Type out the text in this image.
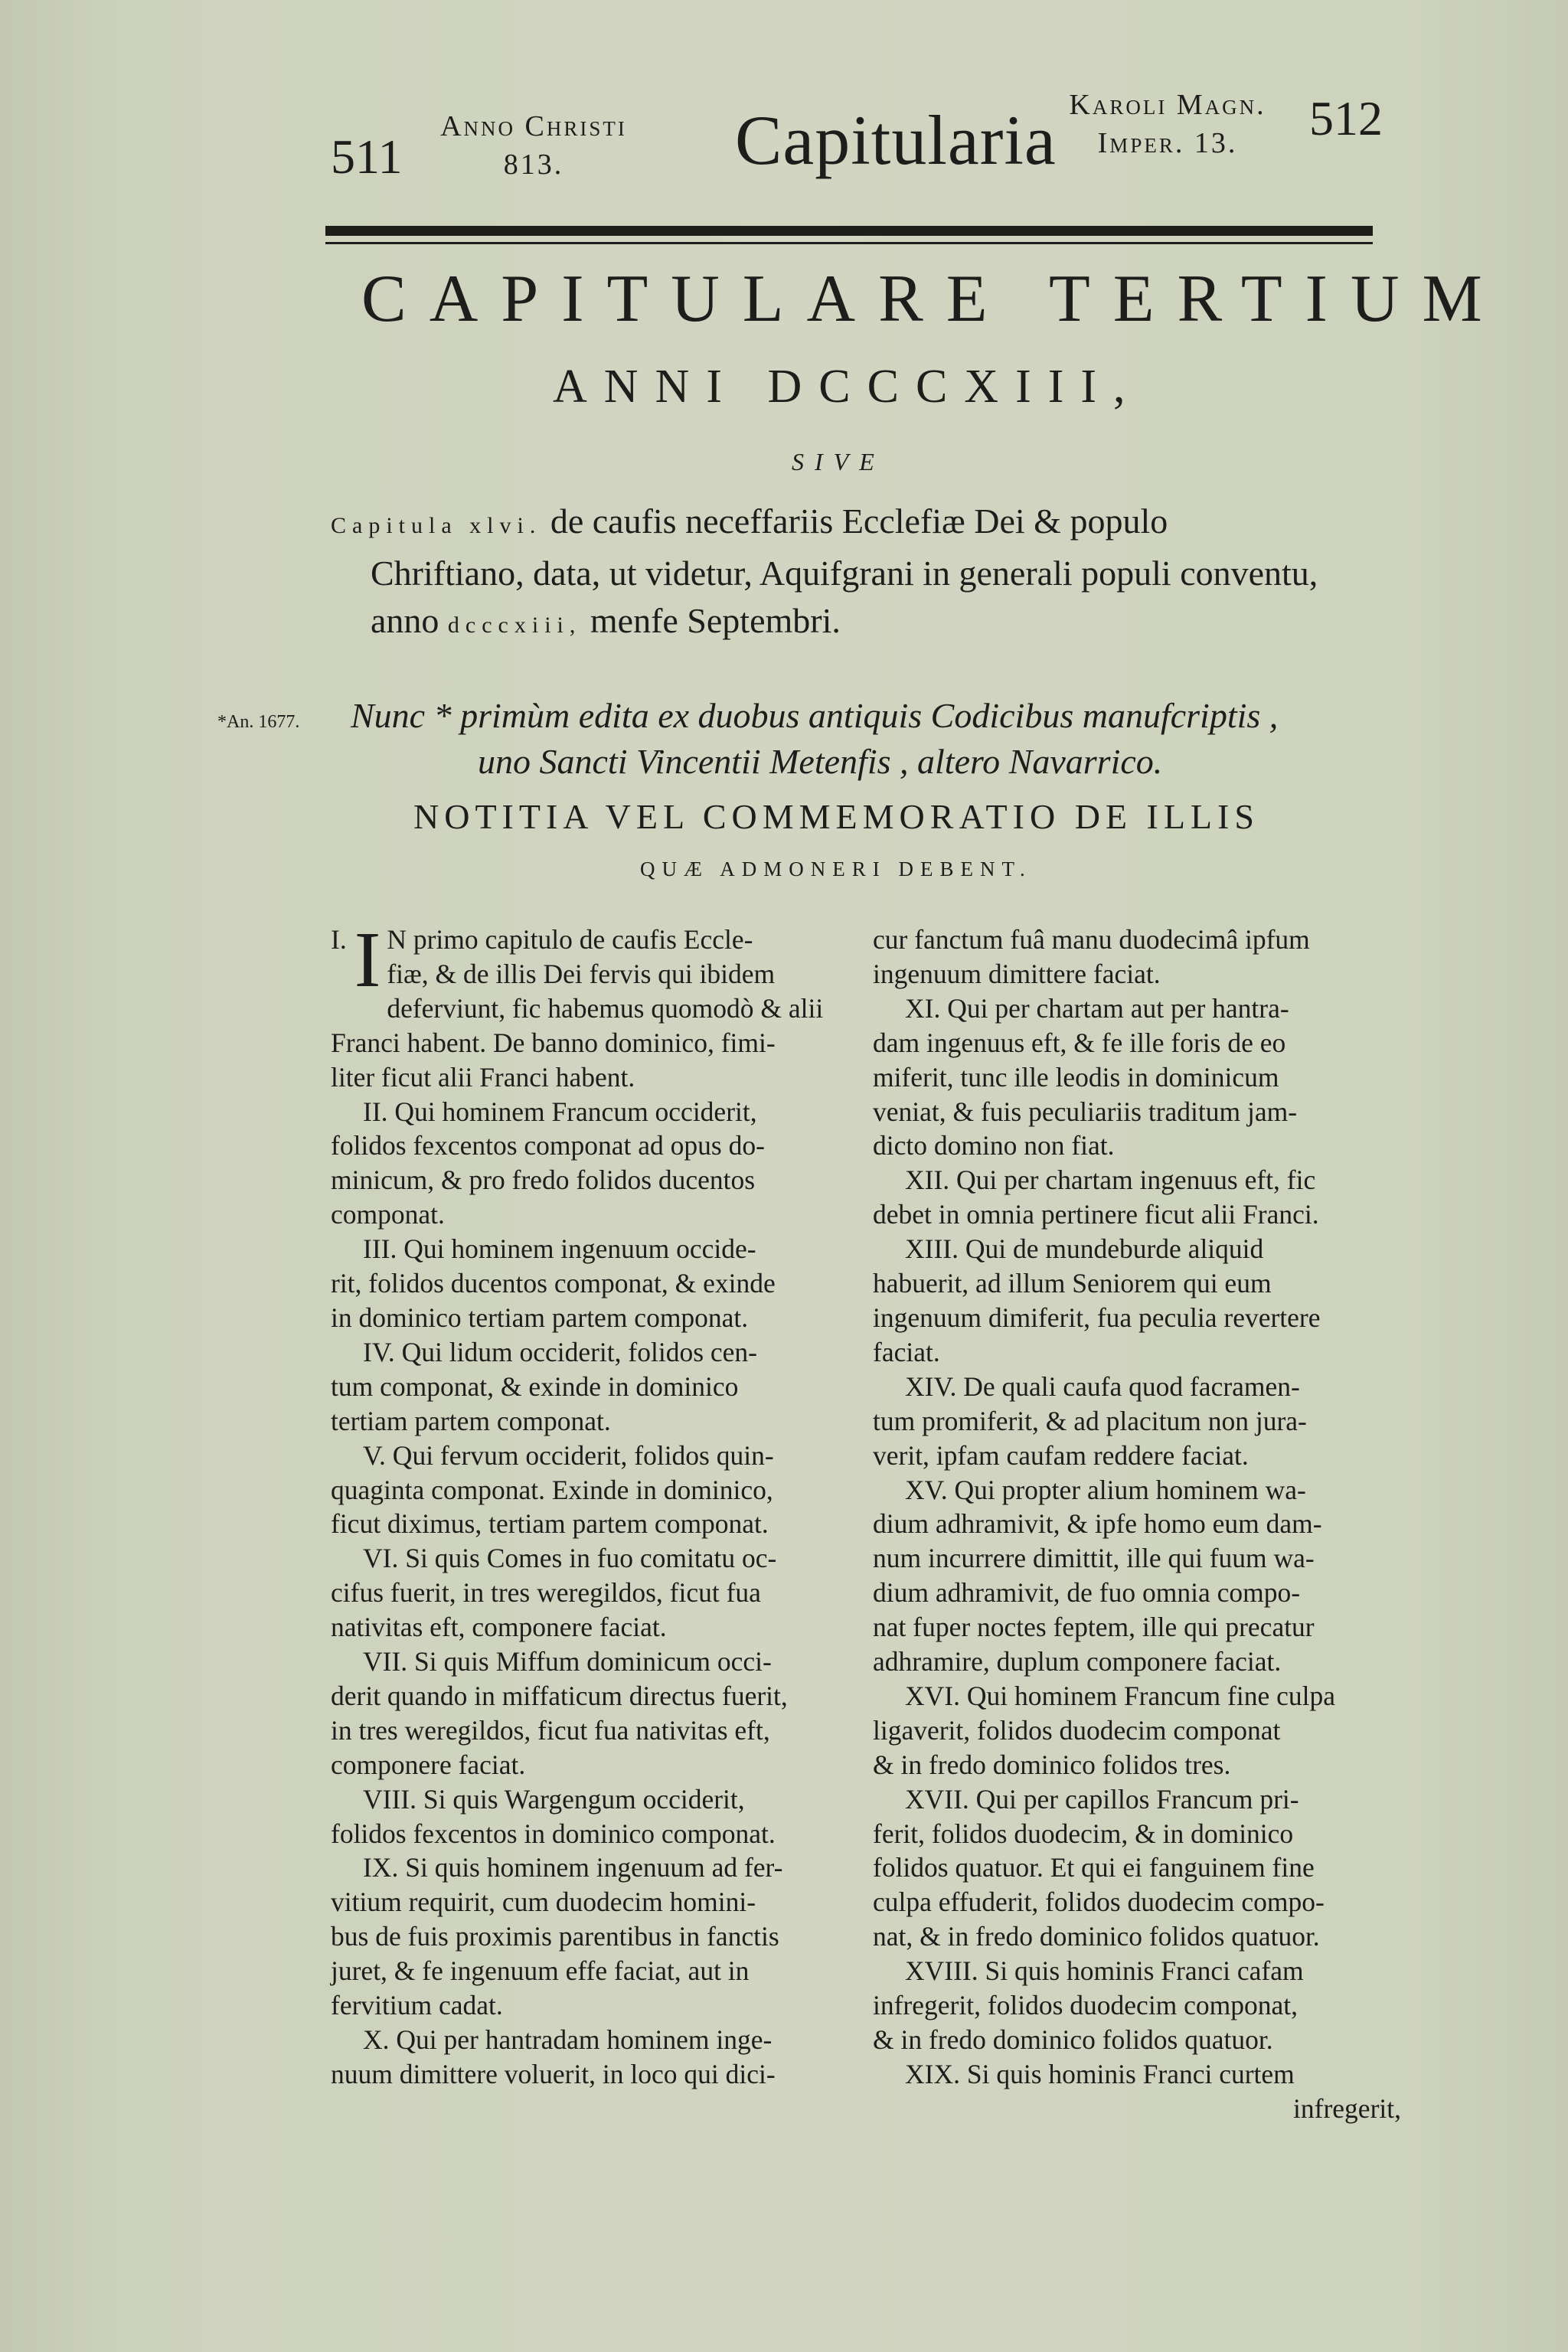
511
Anno Christi
813.	Capitularia Karoli Magn.
Imper. 13.	512
CAPITULARE TERTIUM
ANNI DCCCXIII,
SIVE

Capitula xlvi. de caufis neceffariis Ecclefiæ Dei & populo

Chriftiano, data, ut videtur, Aquifgrani in generali populi conventu,

anno dcccxiii, menfe Septembri.

*An. 1677. Nunc * primùm edita ex duobus antiquis Codicibus manufcriptis ,

uno Sancti Vincentii Metenfis , altero Navarrico.

NOTITIA VEL COMMEMORATIO DE ILLIS
QUÆ ADMONERI DEBENT.

I. I N primo capitulo de caufis Eccle-

fiæ, & de illis Dei fervis qui ibidem

deferviunt, fic habemus quomodò & alii

Franci habent. De banno dominico, fimi-

liter ficut alii Franci habent.

II. Qui hominem Francum occiderit,

folidos fexcentos componat ad opus do-

minicum, & pro fredo folidos ducentos

componat.

III. Qui hominem ingenuum occide-

rit, folidos ducentos componat, & exinde

in dominico tertiam partem componat.

IV. Qui lidum occiderit, folidos cen-

tum componat, & exinde in dominico

tertiam partem componat.

V. Qui fervum occiderit, folidos quin-

quaginta componat. Exinde in dominico,

ficut diximus, tertiam partem componat.

VI. Si quis Comes in fuo comitatu oc-

cifus fuerit, in tres weregildos, ficut fua

nativitas eft, componere faciat.

VII. Si quis Miffum dominicum occi-

derit quando in miffaticum directus fuerit,

in tres weregildos, ficut fua nativitas eft,

componere faciat.

VIII. Si quis Wargengum occiderit,

folidos fexcentos in dominico componat.

IX. Si quis hominem ingenuum ad fer-

vitium requirit, cum duodecim homini-

bus de fuis proximis parentibus in fanctis

juret, & fe ingenuum effe faciat, aut in

fervitium cadat.

X. Qui per hantradam hominem inge-

nuum dimittere voluerit, in loco qui dici-

cur fanctum fuâ manu duodecimâ ipfum

ingenuum dimittere faciat.

XI. Qui per chartam aut per hantra-

dam ingenuus eft, & fe ille foris de eo

miferit, tunc ille leodis in dominicum

veniat, & fuis peculiariis traditum jam-

dicto domino non fiat.

XII. Qui per chartam ingenuus eft, fic

debet in omnia pertinere ficut alii Franci.

XIII. Qui de mundeburde aliquid

habuerit, ad illum Seniorem qui eum

ingenuum dimiferit, fua peculia revertere

faciat.

XIV. De quali caufa quod facramen-

tum promiferit, & ad placitum non jura-

verit, ipfam caufam reddere faciat.

XV. Qui propter alium hominem wa-

dium adhramivit, & ipfe homo eum dam-

num incurrere dimittit, ille qui fuum wa-

dium adhramivit, de fuo omnia compo-

nat fuper noctes feptem, ille qui precatur

adhramire, duplum componere faciat.

XVI. Qui hominem Francum fine culpa

ligaverit, folidos duodecim componat

& in fredo dominico folidos tres.

XVII. Qui per capillos Francum pri-

ferit, folidos duodecim, & in dominico

folidos quatuor. Et qui ei fanguinem fine

culpa effuderit, folidos duodecim compo-

nat, & in fredo dominico folidos quatuor.

XVIII. Si quis hominis Franci cafam

infregerit, folidos duodecim componat,

& in fredo dominico folidos quatuor.

XIX. Si quis hominis Franci curtem

infregerit,
